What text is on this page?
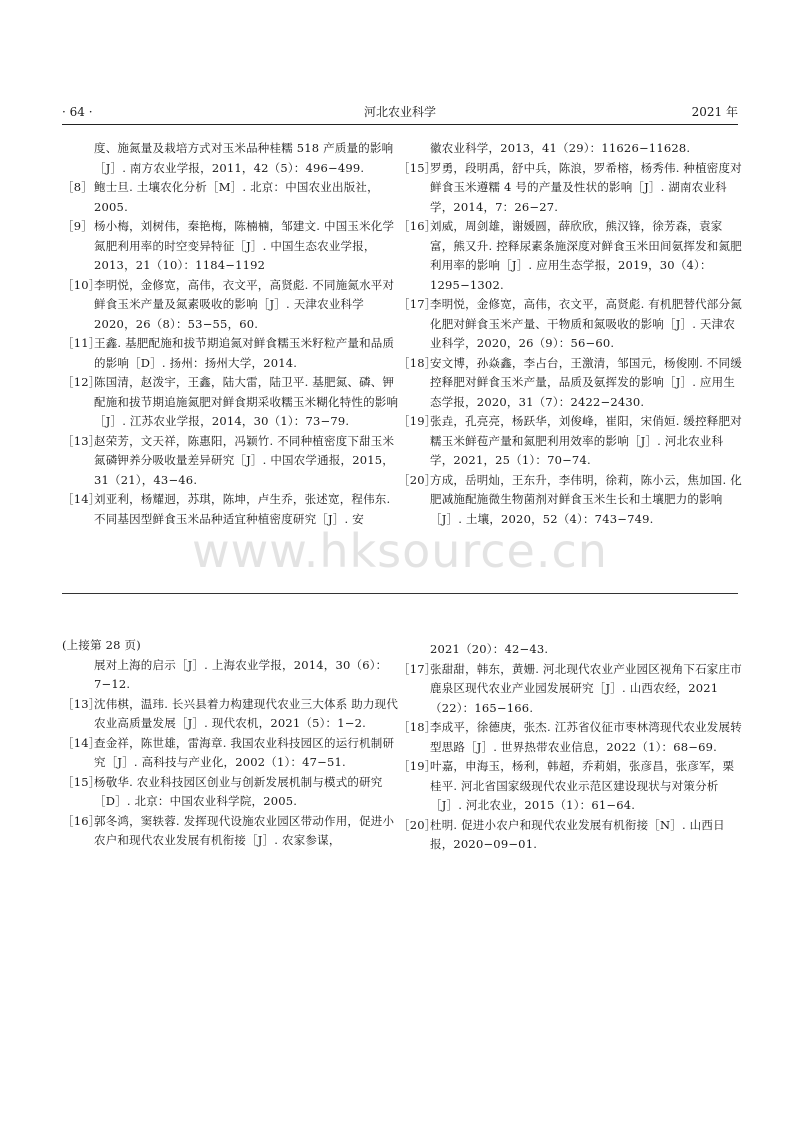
· 64 ·	河北农业科学	2021 年

度、施氮量及栽培方式对玉米品种桂糯 518 产质量的影响［J］. 南方农业学报，2011，42（5）：496−499.

［8］ 鲍士旦. 土壤农化分析［M］. 北京：中国农业出版社，2005.

［9］ 杨小梅，刘树伟，秦艳梅，陈楠楠，邹建文. 中国玉米化学氮肥利用率的时空变异特征［J］. 中国生态农业学报，2013，21（10）：1184−1192

［10］
李明悦，金修宽，高伟，衣文平，高贤彪. 不同施氮水平对鲜食玉米产量及氮素吸收的影响［J］. 天津农业科学 2020，26（8）：53−55，60.

［11］
王鑫. 基肥配施和拔节期追氮对鲜食糯玉米籽粒产量和品质的影响［D］. 扬州：扬州大学，2014.

［12］
陈国清，赵泼宇，王鑫，陆大雷，陆卫平. 基肥氮、磷、钾配施和拔节期追施氮肥对鲜食期采收糯玉米糊化特性的影响［J］. 江苏农业学报，2014，30（1）：73−79.

［13］
赵荣芳，文天祥，陈惠阳，冯颖竹. 不同种植密度下甜玉米氮磷钾养分吸收量差异研究［J］. 中国农学通报，2015，31（21），43−46.

［14］
刘亚利，杨耀迥，苏琪，陈坤，卢生乔，张述宽，程伟东. 不同基因型鲜食玉米品种适宜种植密度研究［J］. 安

徽农业科学，2013，41（29）：11626−11628.

［15］
罗勇，段明禹，舒中兵，陈浪，罗希榕，杨秀伟. 种植密度对鲜食玉米遵糯 4 号的产量及性状的影响［J］. 湖南农业科学，2014，7：26−27.

［16］
刘威，周剑雄，谢媛圆，薛欣欣，熊汉锋，徐芳森，袁家富，熊又升. 控释尿素条施深度对鲜食玉米田间氨挥发和氮肥利用率的影响［J］. 应用生态学报，2019，30（4）：1295−1302.

［17］
李明悦，金修宽，高伟，衣文平，高贤彪. 有机肥替代部分氮化肥对鲜食玉米产量、干物质和氮吸收的影响［J］. 天津农业科学，2020，26（9）：56−60.

［18］
安文博，孙焱鑫，李占台，王激清，邹国元，杨俊刚. 不同缓控释肥对鲜食玉米产量，品质及氨挥发的影响［J］. 应用生态学报，2020，31（7）：2422−2430.

［19］
张垚，孔亮亮，杨跃华，刘俊峰，崔阳，宋俏姮. 缓控释肥对糯玉米鲜苞产量和氮肥利用效率的影响［J］. 河北农业科学，2021，25（1）：70−74.

［20］
方成，岳明灿，王东升，李伟明，徐莉，陈小云，焦加国. 化肥减施配施微生物菌剂对鲜食玉米生长和土壤肥力的影响［J］. 土壤，2020，52（4）：743−749.

www.hksource.cn

(上接第 28 页)

展对上海的启示［J］. 上海农业学报，2014，30（6）：7−12.

［13］
沈伟棋，温玮. 长兴县着力构建现代农业三大体系 助力现代农业高质量发展［J］. 现代农机，2021（5）：1−2.

［14］
查金祥，陈世雄，雷海章. 我国农业科技园区的运行机制研究［J］. 高科技与产业化，2002（1）：47−51.

［15］
杨敬华. 农业科技园区创业与创新发展机制与模式的研究［D］. 北京：中国农业科学院，2005.

［16］
郭冬鸿，窦轶蓉. 发挥现代设施农业园区带动作用，促进小农户和现代农业发展有机衔接［J］. 农家参谋，

2021（20）：42−43.

［17］
张甜甜，韩东，黄姗. 河北现代农业产业园区视角下石家庄市鹿泉区现代农业产业园发展研究［J］. 山西农经，2021（22）：165−166.

［18］
李成平，徐德庚，张杰. 江苏省仪征市枣林湾现代农业发展转型思路［J］. 世界热带农业信息，2022（1）：68−69.

［19］
叶嘉，申海玉，杨利，韩超，乔莉娟，张彦昌，张彦军，栗桂平. 河北省国家级现代农业示范区建设现状与对策分析［J］. 河北农业，2015（1）：61−64.

［20］
杜明. 促进小农户和现代农业发展有机衔接［N］. 山西日报，2020−09−01.
